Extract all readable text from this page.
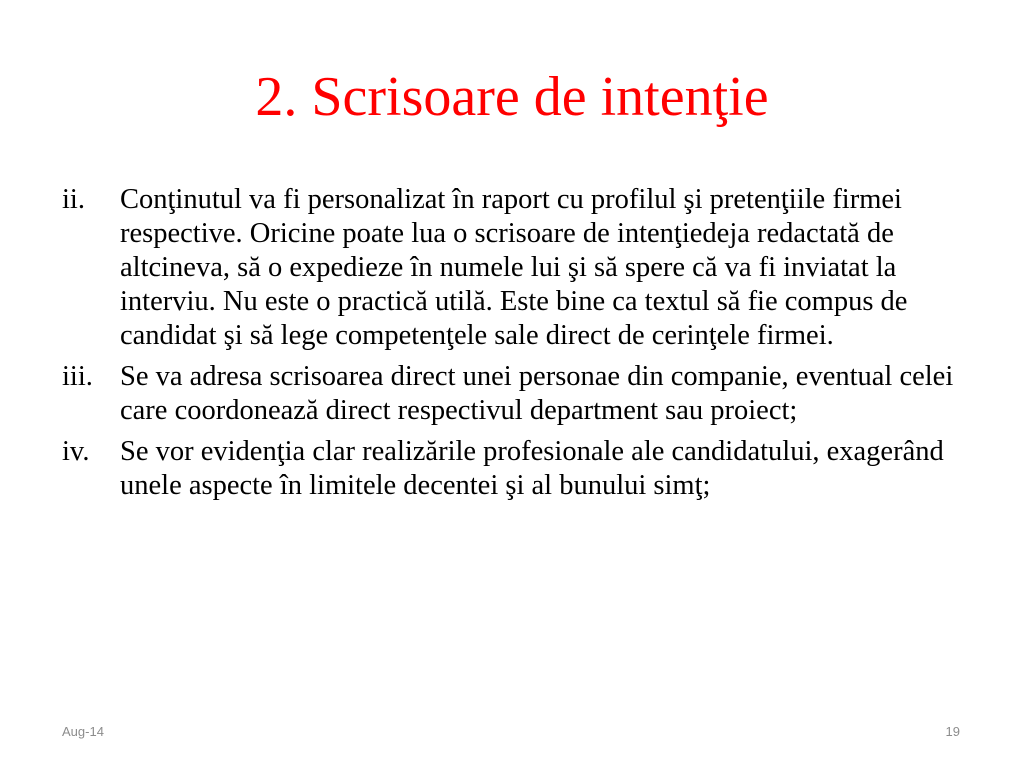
2. Scrisoare de intenţie
ii.	Conţinutul va fi personalizat în raport cu profilul şi pretenţiile firmei respective. Oricine poate lua o scrisoare de intenţiedeja redactată de altcineva, să o expedieze în numele lui şi să spere că va fi inviatat la interviu. Nu este o practică utilă. Este bine ca textul să fie compus de candidat şi să lege competenţele sale direct de cerinţele firmei.
iii. Se va adresa scrisoarea direct unei personae din companie, eventual celei care coordonează direct respectivul department sau proiect;
iv.	Se vor evidenţia clar realizările profesionale ale candidatului, exagerând unele aspecte în limitele decentei şi al bunului simţ;
Aug-14	19
